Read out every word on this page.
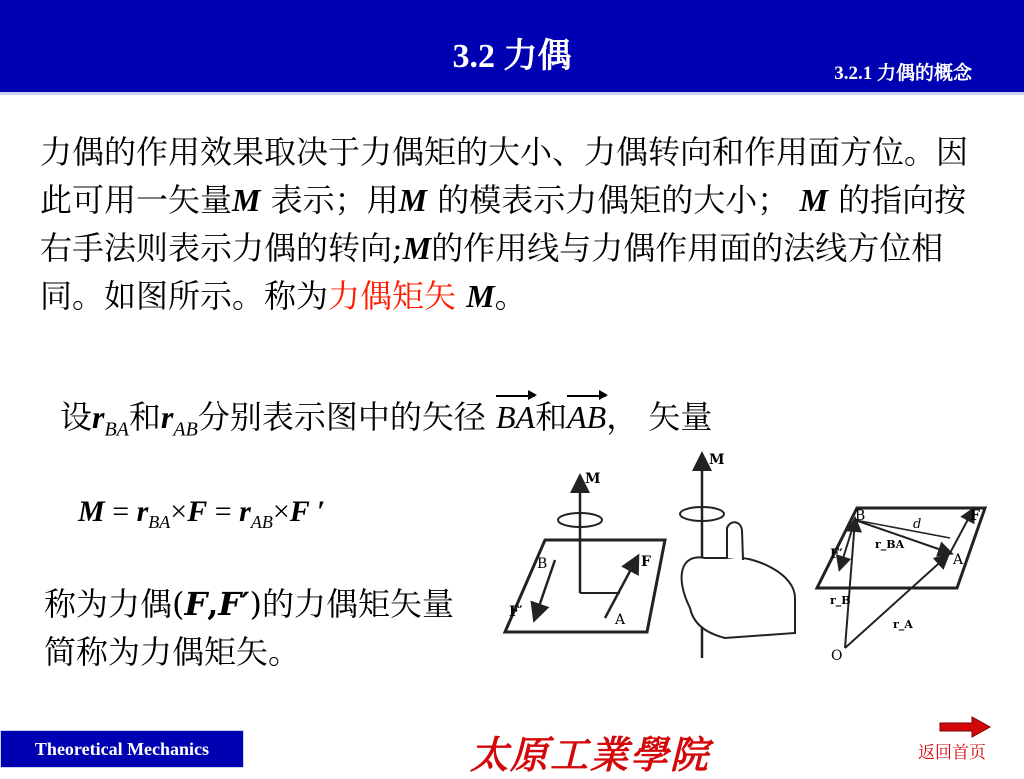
3.2 力偶	3.2.1 力偶的概念
力偶的作用效果取决于力偶矩的大小、力偶转向和作用面方位。因此可用一矢量M 表示；用M 的模表示力偶矩的大小； M 的指向按右手法则表示力偶的转向;M的作用线与力偶作用面的法线方位相同。如图所示。称为力偶矩矢 M。
设$r_{BA}$和$r_{AB}$分别表示图中的矢径 BA和AB， 矢量
$M = r_{BA}\times F = r_{AB}\times F$ ′
称为力偶(F,F′)的力偶矩矢量简称为力偶矩矢。
B	F
F′	A
M
M
B
d
F
F′
r_BA
A
r_B
r_A
O
Theoretical Mechanics	太原工業學院	返回首页
